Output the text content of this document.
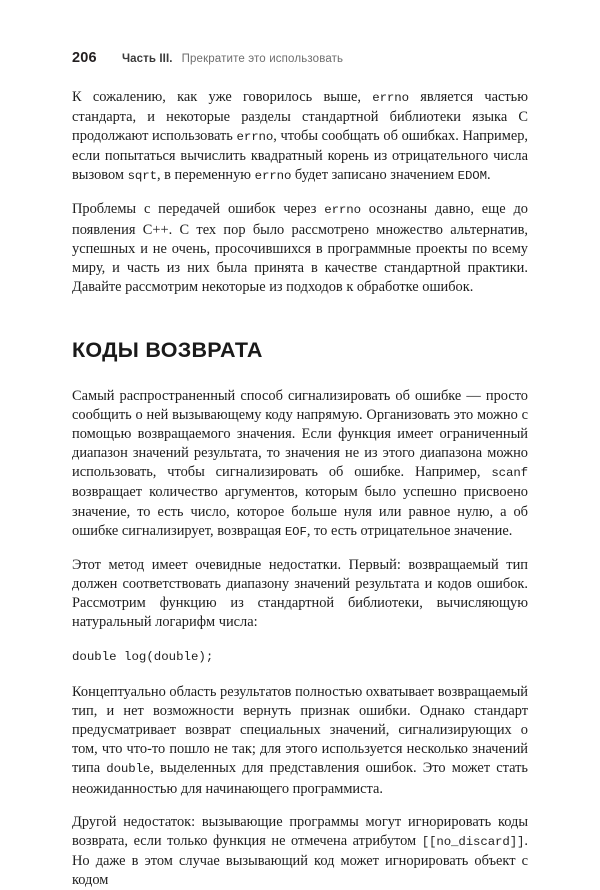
206	Часть III. Прекратите это использовать

К сожалению, как уже говорилось выше, errno является частью стандарта, и некоторые разделы стандартной библиотеки языка C продолжают использовать errno, чтобы сообщать об ошибках. Например, если попытаться вычислить квадратный корень из отрицательного числа вызовом sqrt, в переменную errno будет записано значением EDOM.

Проблемы с передачей ошибок через errno осознаны давно, еще до появления C++. С тех пор было рассмотрено множество альтернатив, успешных и не очень, просочившихся в программные проекты по всему миру, и часть из них была принята в качестве стандартной практики. Давайте рассмотрим некоторые из подходов к обработке ошибок.

КОДЫ ВОЗВРАТА

Самый распространенный способ сигнализировать об ошибке — просто сообщить о ней вызывающему коду напрямую. Организовать это можно с помощью возвращаемого значения. Если функция имеет ограниченный диапазон значений результата, то значения не из этого диапазона можно использовать, чтобы сигнализировать об ошибке. Например, scanf возвращает количество аргументов, которым было успешно присвоено значение, то есть число, которое больше нуля или равное нулю, а об ошибке сигнализирует, возвращая EOF, то есть отрицательное значение.

Этот метод имеет очевидные недостатки. Первый: возвращаемый тип должен соответствовать диапазону значений результата и кодов ошибок. Рассмотрим функцию из стандартной библиотеки, вычисляющую натуральный логарифм числа:

double log(double);

Концептуально область результатов полностью охватывает возвращаемый тип, и нет возможности вернуть признак ошибки. Однако стандарт предусматривает возврат специальных значений, сигнализирующих о том, что что-то пошло не так; для этого используется несколько значений типа double, выделенных для представления ошибок. Это может стать неожиданностью для начинающего программиста.

Другой недостаток: вызывающие программы могут игнорировать коды возврата, если только функция не отмечена атрибутом [[no_discard]]. Но даже в этом случае вызывающий код может игнорировать объект с кодом
